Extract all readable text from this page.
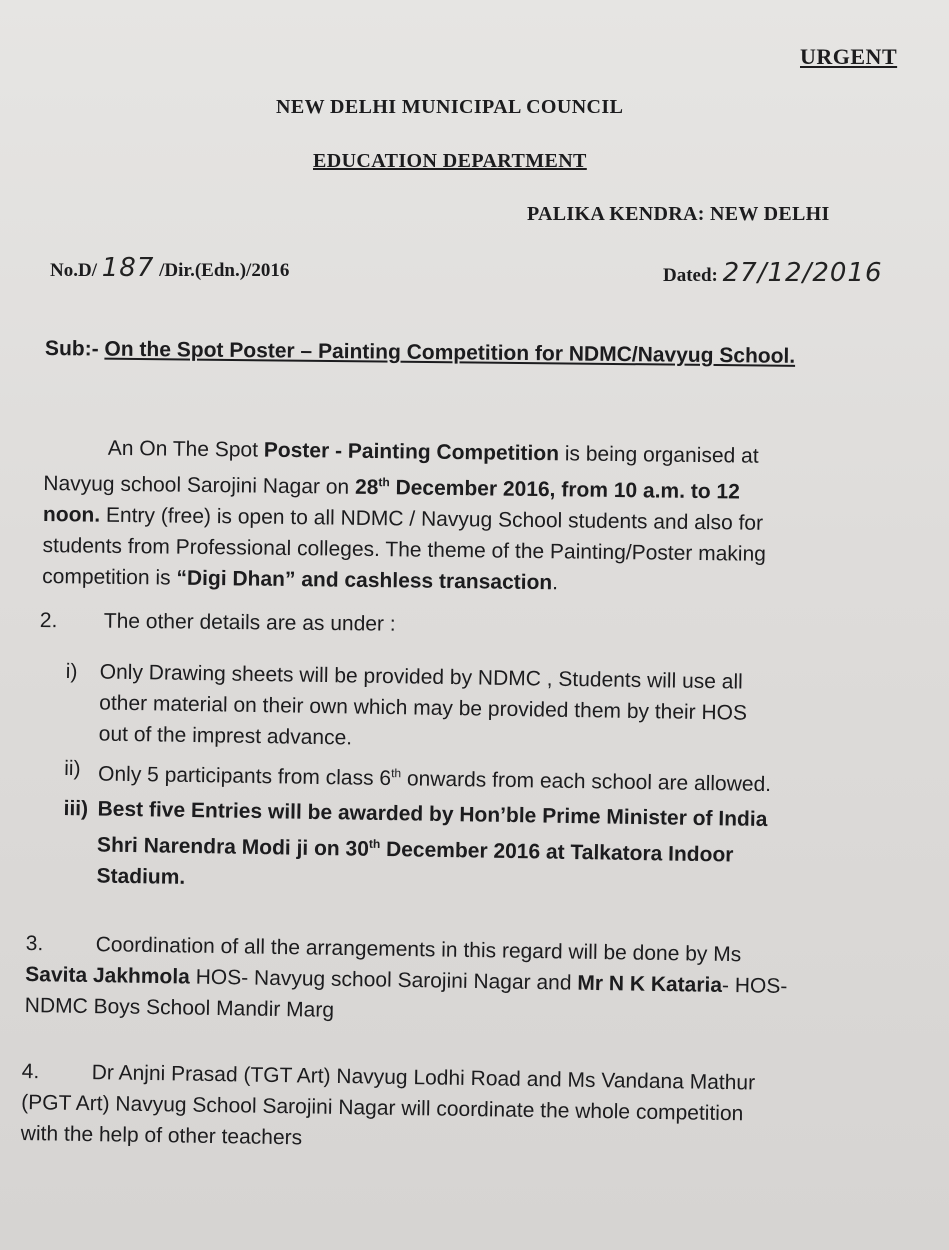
URGENT
NEW DELHI MUNICIPAL COUNCIL
EDUCATION DEPARTMENT
PALIKA KENDRA: NEW DELHI
No.D/ 187 /Dir.(Edn.)/2016	Dated: 27/12/2016
Sub:- On the Spot Poster – Painting Competition for NDMC/Navyug School.
An On The Spot Poster - Painting Competition is being organised at
Navyug school Sarojini Nagar on 28th December 2016, from 10 a.m. to 12
noon. Entry (free) is open to all NDMC / Navyug School students and also for
students from Professional colleges. The theme of the Painting/Poster making
competition is “Digi Dhan” and cashless transaction.
2. The other details are as under :
i) Only Drawing sheets will be provided by NDMC , Students will use all
other material on their own which may be provided them by their HOS
out of the imprest advance.
ii) Only 5 participants from class 6th onwards from each school are allowed.
iii) Best five Entries will be awarded by Hon’ble Prime Minister of India
Shri Narendra Modi ji on 30th December 2016 at Talkatora Indoor
Stadium.
3. Coordination of all the arrangements in this regard will be done by Ms
Savita Jakhmola HOS- Navyug school Sarojini Nagar and Mr N K Kataria- HOS-
NDMC Boys School Mandir Marg
4. Dr Anjni Prasad (TGT Art) Navyug Lodhi Road and Ms Vandana Mathur
(PGT Art) Navyug School Sarojini Nagar will coordinate the whole competition
with the help of other teachers
